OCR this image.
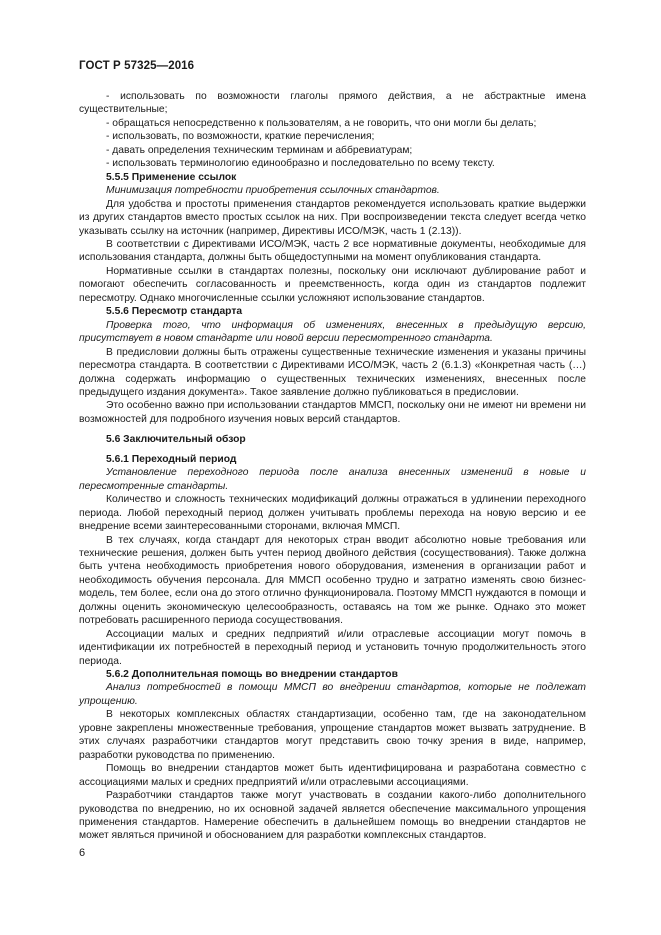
ГОСТ Р 57325—2016

- использовать по возможности глаголы прямого действия, а не абстрактные имена существительные;

- обращаться непосредственно к пользователям, а не говорить, что они могли бы делать;

- использовать, по возможности, краткие перечисления;

- давать определения техническим терминам и аббревиатурам;

- использовать терминологию единообразно и последовательно по всему тексту.

5.5.5 Применение ссылок

Минимизация потребности приобретения ссылочных стандартов.

Для удобства и простоты применения стандартов рекомендуется использовать краткие выдержки из других стандартов вместо простых ссылок на них. При воспроизведении текста следует всегда четко указывать ссылку на источник (например, Директивы ИСО/МЭК, часть 1 (2.13)).

В соответствии с Директивами ИСО/МЭК, часть 2 все нормативные документы, необходимые для использования стандарта, должны быть общедоступными на момент опубликования стандарта.

Нормативные ссылки в стандартах полезны, поскольку они исключают дублирование работ и помогают обеспечить согласованность и преемственность, когда один из стандартов подлежит пересмотру. Однако многочисленные ссылки усложняют использование стандартов.

5.5.6 Пересмотр стандарта

Проверка того, что информация об изменениях, внесенных в предыдущую версию, присутствует в новом стандарте или новой версии пересмотренного стандарта.

В предисловии должны быть отражены существенные технические изменения и указаны причины пересмотра стандарта. В соответствии с Директивами ИСО/МЭК, часть 2 (6.1.3) «Конкретная часть (…) должна содержать информацию о существенных технических изменениях, внесенных после предыдущего издания документа». Такое заявление должно публиковаться в предисловии.

Это особенно важно при использовании стандартов ММСП, поскольку они не имеют ни времени ни возможностей для подробного изучения новых версий стандартов.

5.6 Заключительный обзор

5.6.1 Переходный период

Установление переходного периода после анализа внесенных изменений в новые и пересмотренные стандарты.

Количество и сложность технических модификаций должны отражаться в удлинении переходного периода. Любой переходный период должен учитывать проблемы перехода на новую версию и ее внедрение всеми заинтересованными сторонами, включая ММСП.

В тех случаях, когда стандарт для некоторых стран вводит абсолютно новые требования или технические решения, должен быть учтен период двойного действия (сосуществования). Также должна быть учтена необходимость приобретения нового оборудования, изменения в организации работ и необходимость обучения персонала. Для ММСП особенно трудно и затратно изменять свою бизнес-модель, тем более, если она до этого отлично функционировала. Поэтому ММСП нуждаются в помощи и должны оценить экономическую целесообразность, оставаясь на том же рынке. Однако это может потребовать расширенного периода сосуществования.

Ассоциации малых и средних педприятий и/или отраслевые ассоциации могут помочь в идентификации их потребностей в переходный период и установить точную продолжительность этого периода.

5.6.2 Дополнительная помощь во внедрении стандартов

Анализ потребностей в помощи ММСП во внедрении стандартов, которые не подлежат упрощению.

В некоторых комплексных областях стандартизации, особенно там, где на законодательном уровне закреплены множественные требования, упрощение стандартов может вызвать затруднение. В этих случаях разработчики стандартов могут представить свою точку зрения в виде, например, разработки руководства по применению.

Помощь во внедрении стандартов может быть идентифицирована и разработана совместно с ассоциациями малых и средних предприятий и/или отраслевыми ассоциациями.

Разработчики стандартов также могут участвовать в создании какого-либо дополнительного руководства по внедрению, но их основной задачей является обеспечение максимального упрощения применения стандартов. Намерение обеспечить в дальнейшем помощь во внедрении стандартов не может являться причиной и обоснованием для разработки комплексных стандартов.

6
